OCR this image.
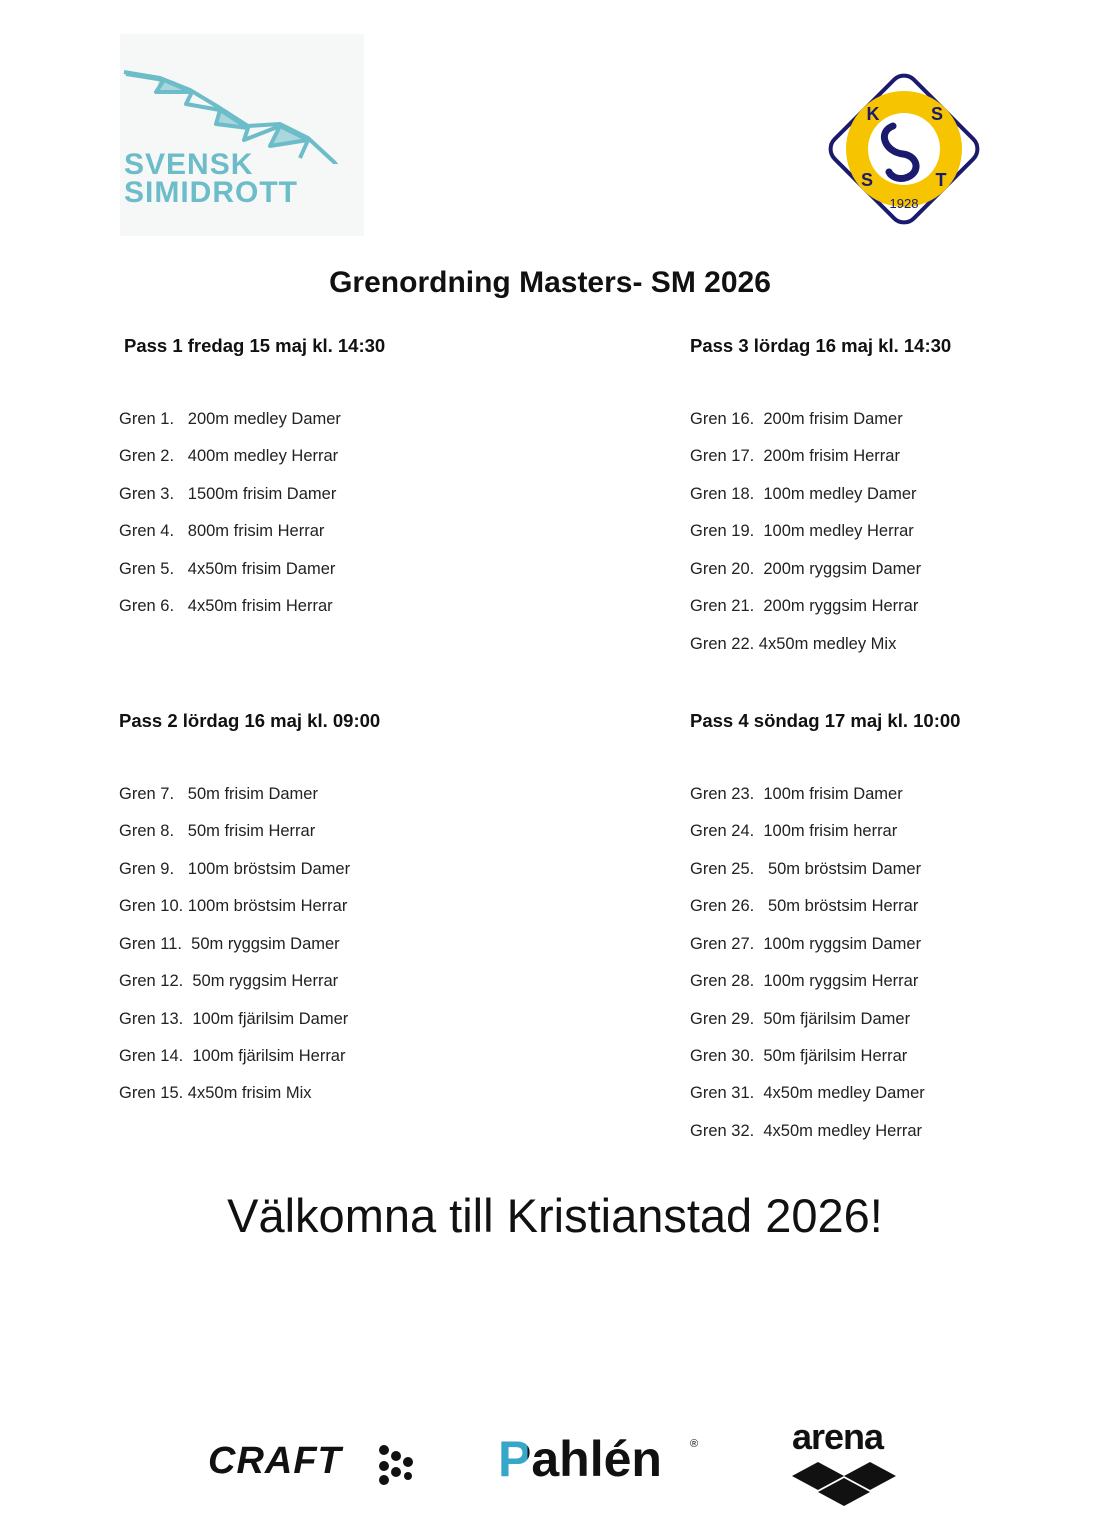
SVENSK
SIMIDROTT
K	S
S	T
1928
Grenordning Masters- SM 2026
Pass 1 fredag 15 maj kl. 14:30	Pass 3 lördag 16 maj kl. 14:30
Pass 2 lördag 16 maj kl. 09:00	Pass 4 söndag 17 maj kl. 10:00
Gren 1.   200m medley Damer
Gren 2.   400m medley Herrar
Gren 3.   1500m frisim Damer
Gren 4.   800m frisim Herrar
Gren 5.   4x50m frisim Damer
Gren 6.   4x50m frisim Herrar
Gren 16.  200m frisim Damer
Gren 17.  200m frisim Herrar
Gren 18.  100m medley Damer
Gren 19.  100m medley Herrar
Gren 20.  200m ryggsim Damer
Gren 21.  200m ryggsim Herrar
Gren 22. 4x50m medley Mix
Gren 7.   50m frisim Damer
Gren 8.   50m frisim Herrar
Gren 9.   100m bröstsim Damer
Gren 10. 100m bröstsim Herrar
Gren 11.  50m ryggsim Damer
Gren 12.  50m ryggsim Herrar
Gren 13.  100m fjärilsim Damer
Gren 14.  100m fjärilsim Herrar
Gren 15. 4x50m frisim Mix
Gren 23.  100m frisim Damer
Gren 24.  100m frisim herrar
Gren 25.   50m bröstsim Damer
Gren 26.   50m bröstsim Herrar
Gren 27.  100m ryggsim Damer
Gren 28.  100m ryggsim Herrar
Gren 29.  50m fjärilsim Damer
Gren 30.  50m fjärilsim Herrar
Gren 31.  4x50m medley Damer
Gren 32.  4x50m medley Herrar
Välkomna till Kristianstad 2026!
CRAFT	Pahlén	®	arena
